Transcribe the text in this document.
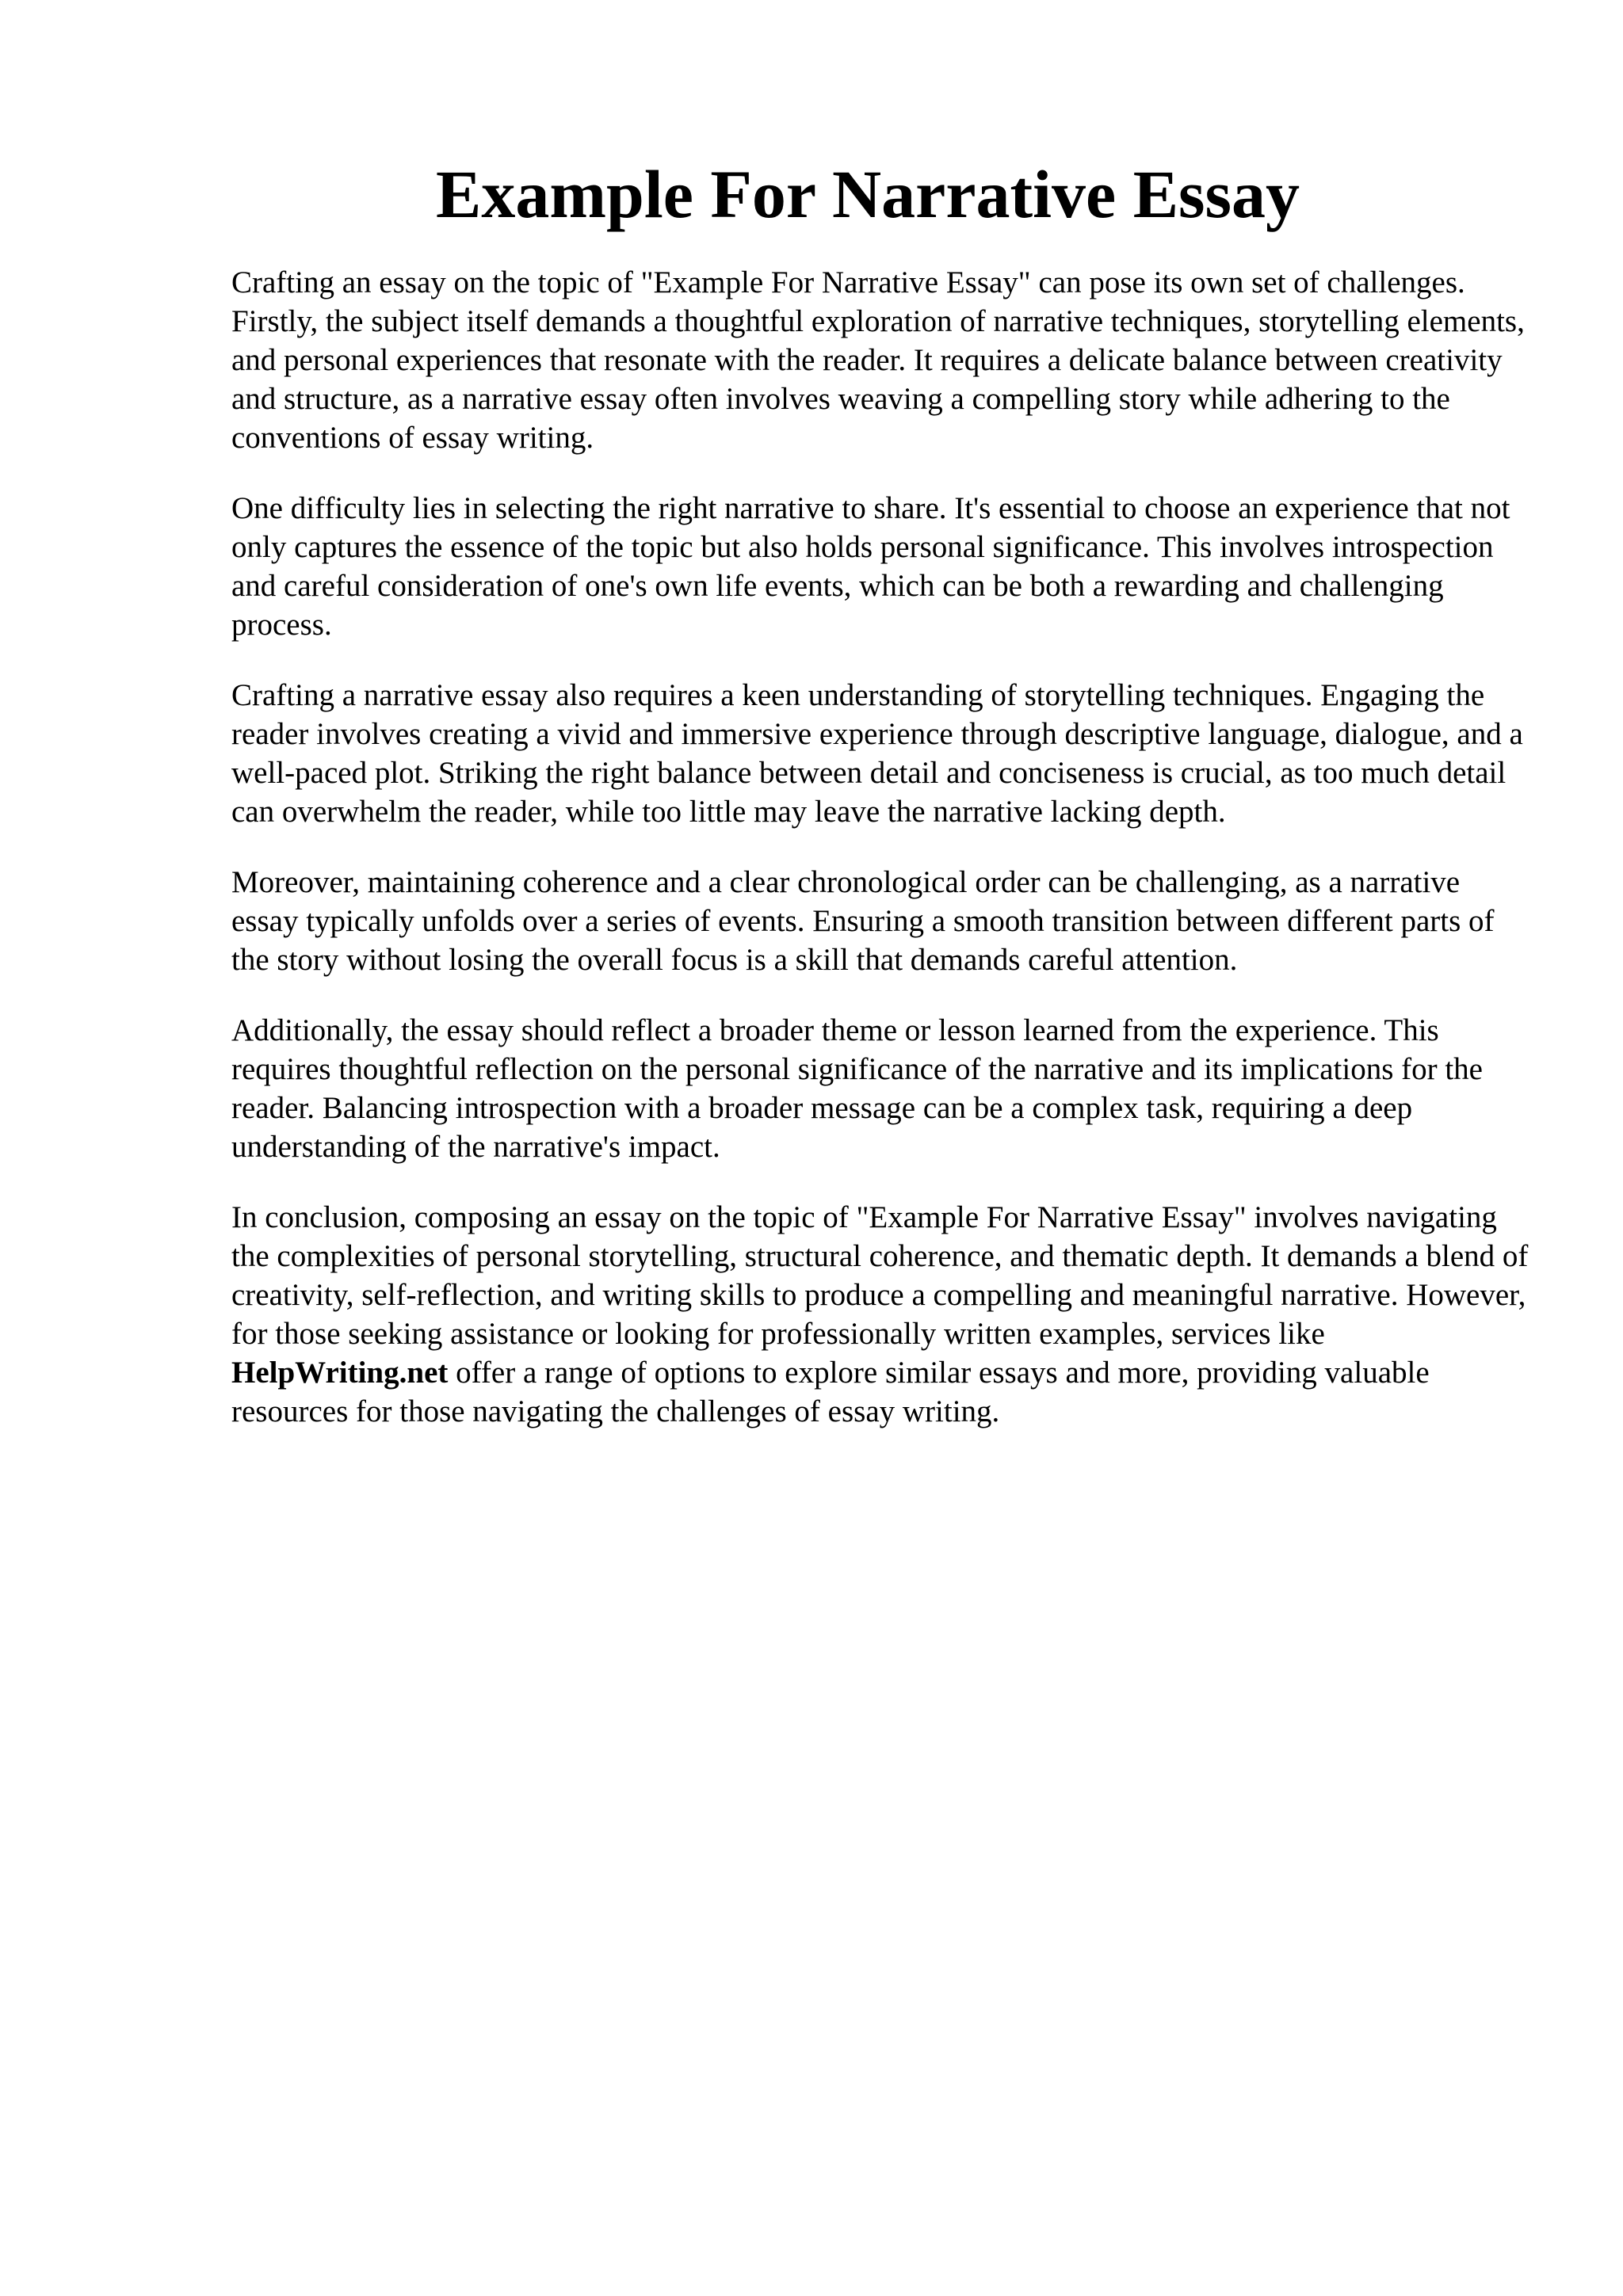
Example For Narrative Essay

Crafting an essay on the topic of "Example For Narrative Essay" can pose its own set of challenges. Firstly, the subject itself demands a thoughtful exploration of narrative techniques, storytelling elements, and personal experiences that resonate with the reader. It requires a delicate balance between creativity and structure, as a narrative essay often involves weaving a compelling story while adhering to the conventions of essay writing.

One difficulty lies in selecting the right narrative to share. It's essential to choose an experience that not only captures the essence of the topic but also holds personal significance. This involves introspection and careful consideration of one's own life events, which can be both a rewarding and challenging process.

Crafting a narrative essay also requires a keen understanding of storytelling techniques. Engaging the reader involves creating a vivid and immersive experience through descriptive language, dialogue, and a well-paced plot. Striking the right balance between detail and conciseness is crucial, as too much detail can overwhelm the reader, while too little may leave the narrative lacking depth.

Moreover, maintaining coherence and a clear chronological order can be challenging, as a narrative essay typically unfolds over a series of events. Ensuring a smooth transition between different parts of the story without losing the overall focus is a skill that demands careful attention.

Additionally, the essay should reflect a broader theme or lesson learned from the experience. This requires thoughtful reflection on the personal significance of the narrative and its implications for the reader. Balancing introspection with a broader message can be a complex task, requiring a deep understanding of the narrative's impact.

In conclusion, composing an essay on the topic of "Example For Narrative Essay" involves navigating the complexities of personal storytelling, structural coherence, and thematic depth. It demands a blend of creativity, self-reflection, and writing skills to produce a compelling and meaningful narrative. However, for those seeking assistance or looking for professionally written examples, services like HelpWriting.net offer a range of options to explore similar essays and more, providing valuable resources for those navigating the challenges of essay writing.
